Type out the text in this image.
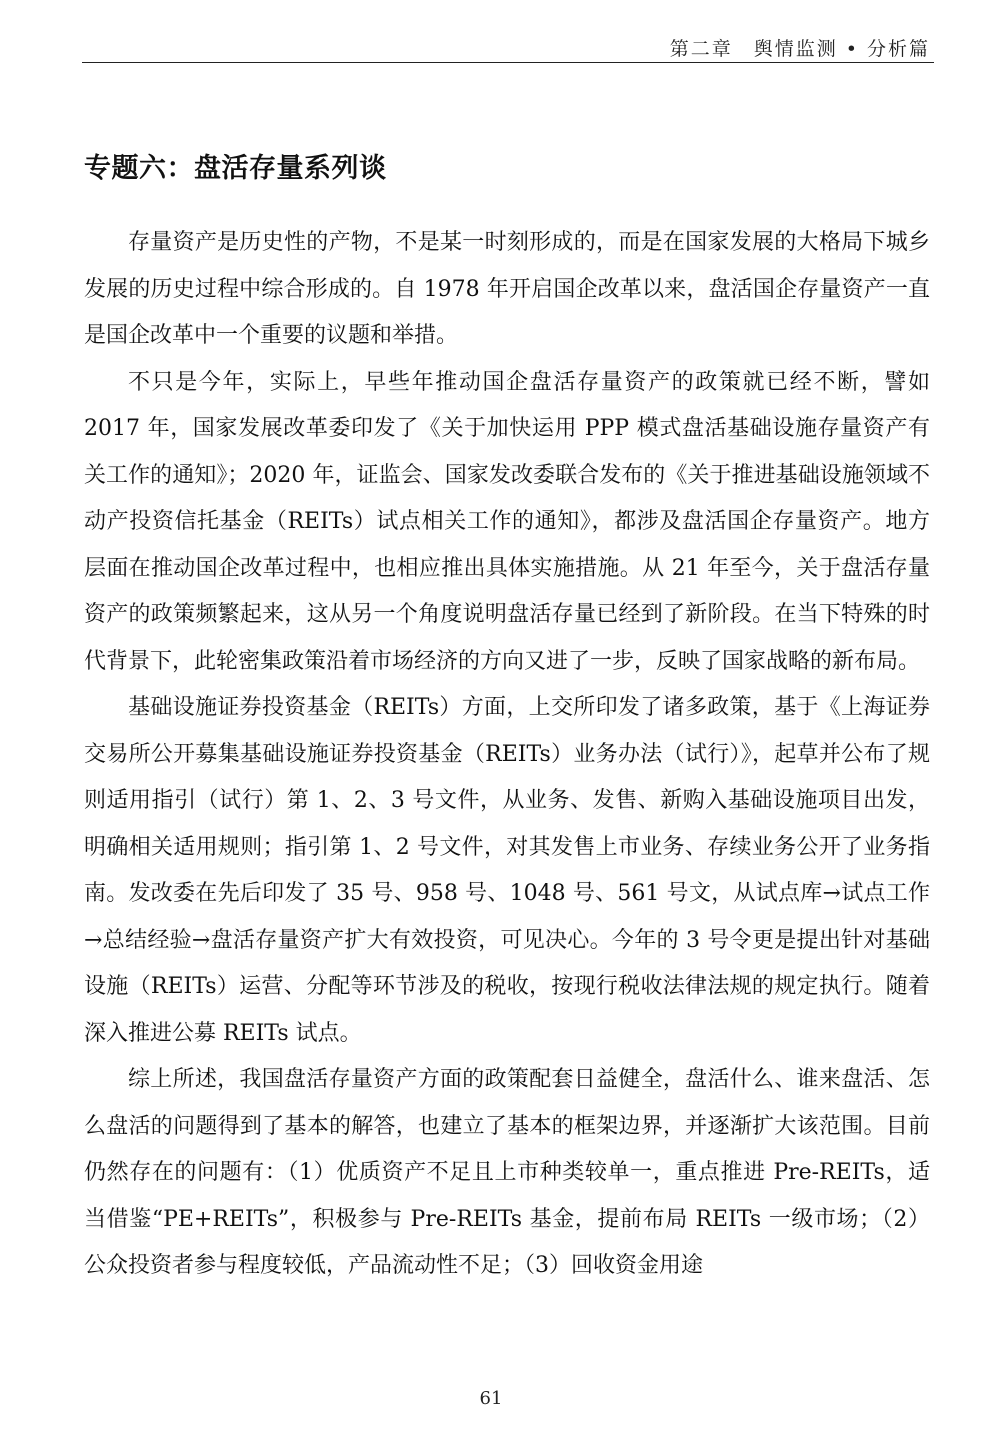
第二章　舆情监测 • 分析篇
专题六：盘活存量系列谈

存量资产是历史性的产物，不是某一时刻形成的，而是在国家发展的大格局下城乡发展的历史过程中综合形成的。自 1978 年开启国企改革以来，盘活国企存量资产一直是国企改革中一个重要的议题和举措。

不只是今年，实际上，早些年推动国企盘活存量资产的政策就已经不断，譬如 2017 年，国家发展改革委印发了《关于加快运用 PPP 模式盘活基础设施存量资产有关工作的通知》；2020 年，证监会、国家发改委联合发布的《关于推进基础设施领域不动产投资信托基金（REITs）试点相关工作的通知》，都涉及盘活国企存量资产。地方层面在推动国企改革过程中，也相应推出具体实施措施。从 21 年至今，关于盘活存量资产的政策频繁起来，这从另一个角度说明盘活存量已经到了新阶段。在当下特殊的时代背景下，此轮密集政策沿着市场经济的方向又进了一步，反映了国家战略的新布局。

基础设施证券投资基金（REITs）方面，上交所印发了诸多政策，基于《上海证券交易所公开募集基础设施证券投资基金（REITs）业务办法（试行）》，起草并公布了规则适用指引（试行）第 1、2、3 号文件，从业务、发售、新购入基础设施项目出发，明确相关适用规则；指引第 1、2 号文件，对其发售上市业务、存续业务公开了业务指南。发改委在先后印发了 35 号、958 号、1048 号、561 号文，从试点库→试点工作→总结经验→盘活存量资产扩大有效投资，可见决心。今年的 3 号令更是提出针对基础设施（REITs）运营、分配等环节涉及的税收，按现行税收法律法规的规定执行。随着深入推进公募 REITs 试点。

综上所述，我国盘活存量资产方面的政策配套日益健全，盘活什么、谁来盘活、怎么盘活的问题得到了基本的解答，也建立了基本的框架边界，并逐渐扩大该范围。目前仍然存在的问题有：（1）优质资产不足且上市种类较单一，重点推进 Pre-REITs，适当借鉴“PE+REITs”，积极参与 Pre-REITs 基金，提前布局 REITs 一级市场；（2）公众投资者参与程度较低，产品流动性不足；（3）回收资金用途

61
